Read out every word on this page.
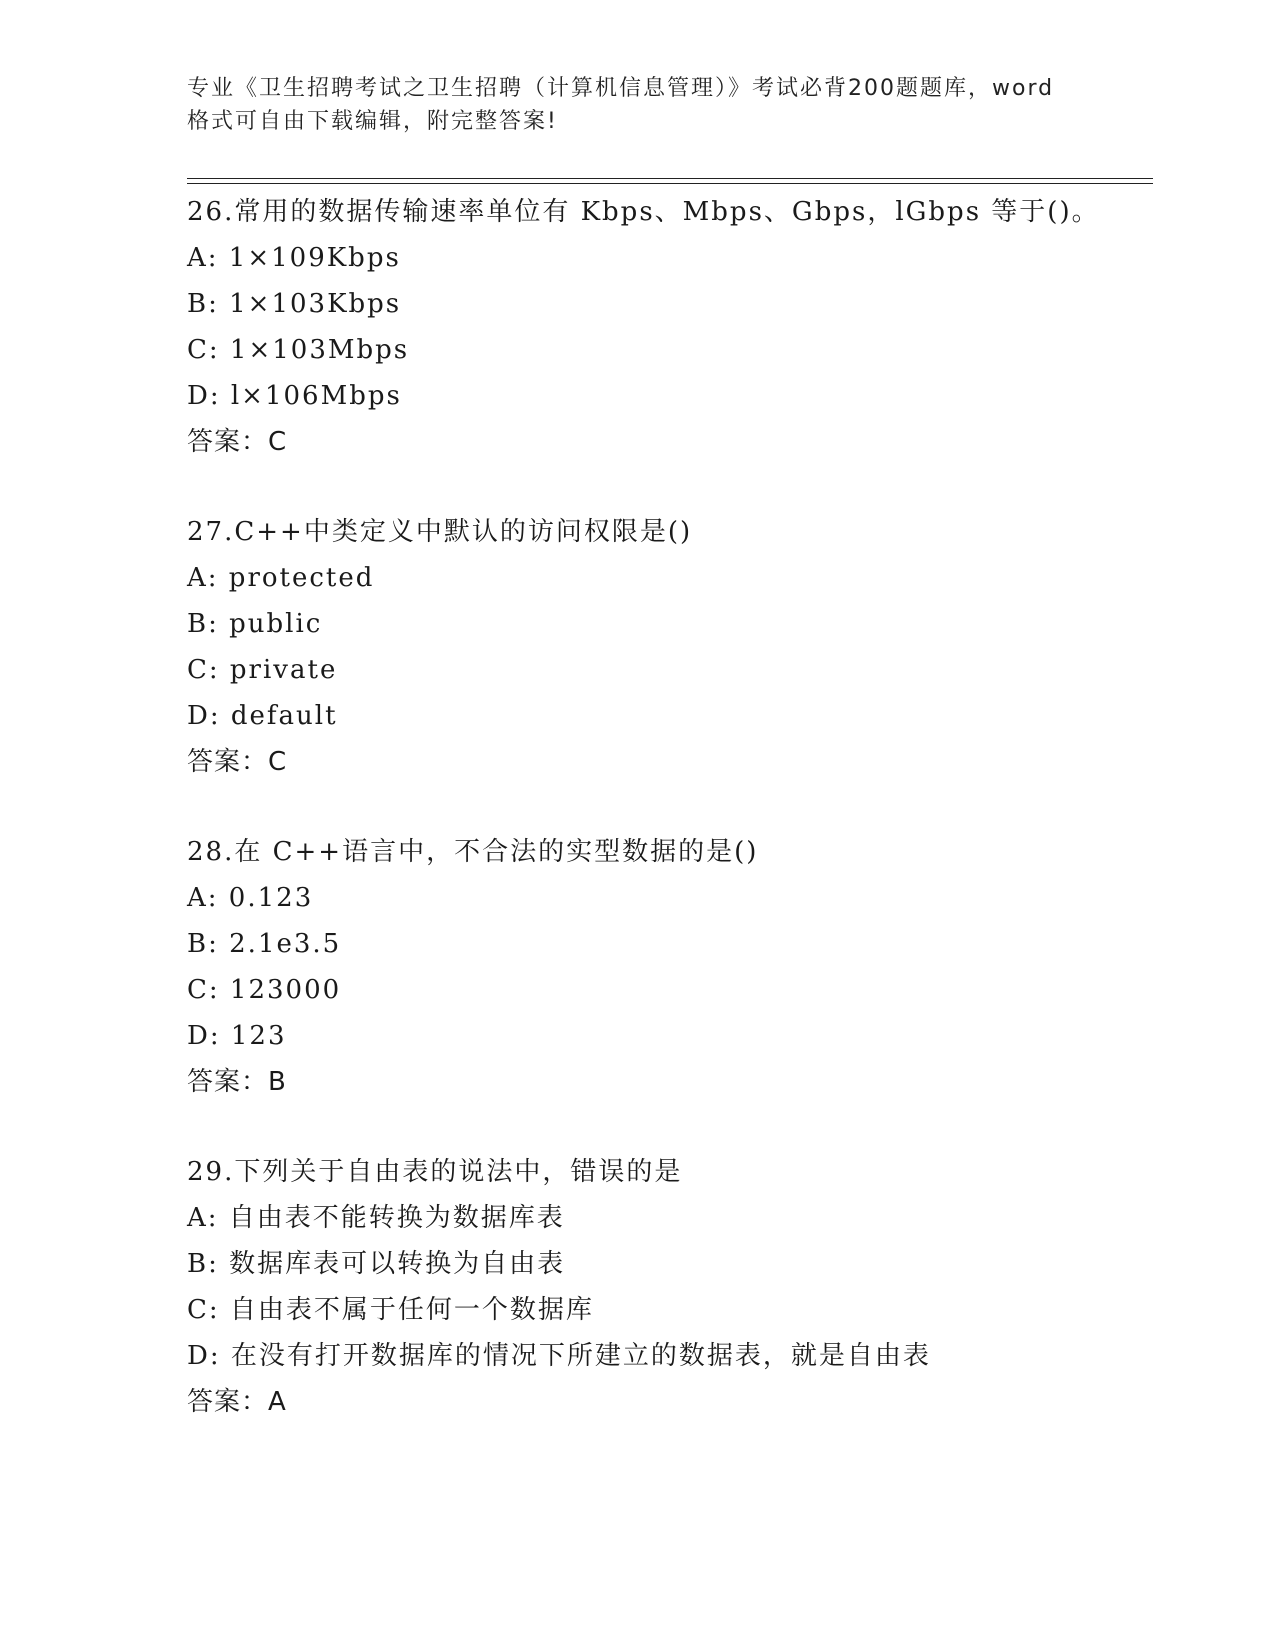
专业《卫生招聘考试之卫生招聘（计算机信息管理）》考试必背200题题库，word
格式可自由下载编辑，附完整答案!
26.常用的数据传输速率单位有 Kbps、Mbps、Gbps，lGbps 等于()。
A: 1×109Kbps
B: 1×103Kbps
C: 1×103Mbps
D: l×106Mbps
答案：C
27.C++中类定义中默认的访问权限是()
A: protected
B: public
C: private
D: default
答案：C
28.在 C++语言中，不合法的实型数据的是()
A: 0.123
B: 2.1e3.5
C: 123000
D: 123
答案：B
29.下列关于自由表的说法中，错误的是
A: 自由表不能转换为数据库表
B: 数据库表可以转换为自由表
C: 自由表不属于任何一个数据库
D: 在没有打开数据库的情况下所建立的数据表，就是自由表
答案：A
